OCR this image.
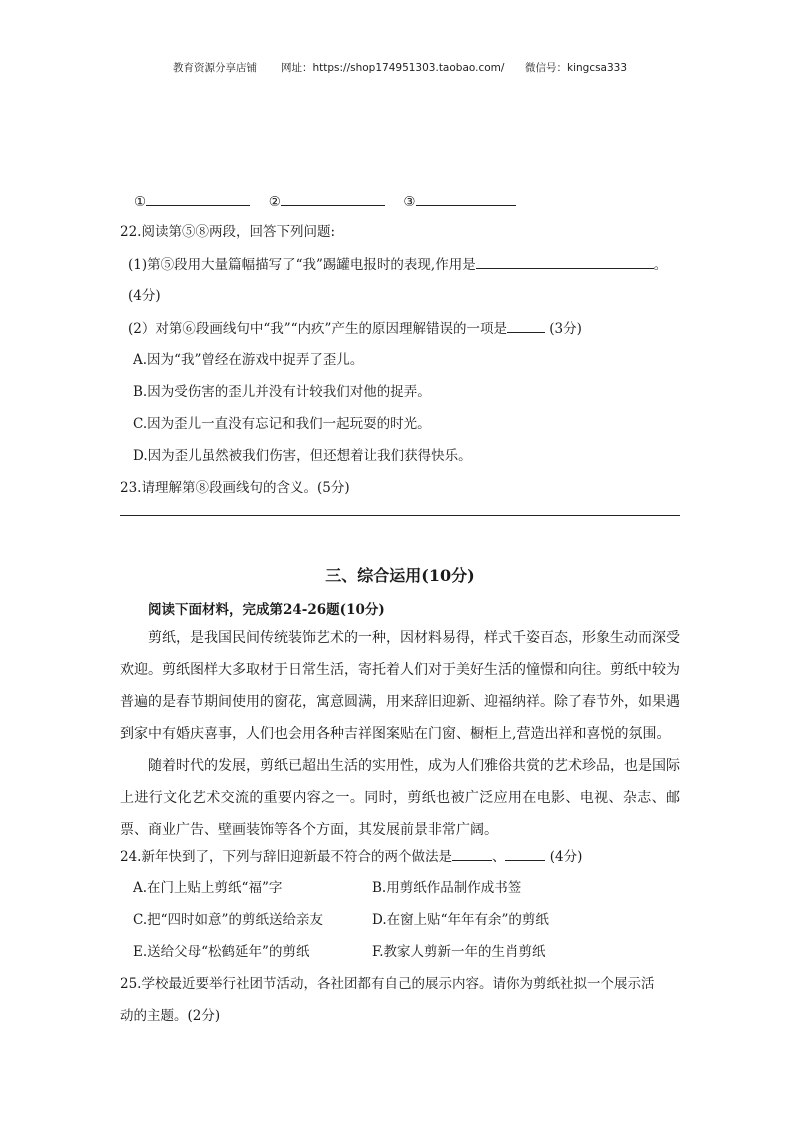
教育资源分享店铺 网址：https://shop174951303.taobao.com/ 微信号：kingcsa333
①	②	③
22.阅读第⑤⑧两段，回答下列问题:
(1)第⑤段用大量篇幅描写了“我”踢罐电报时的表现,作用是	。
(4分)
(2）对第⑥段画线句中“我”“内疚”产生的原因理解错误的一项是	(3分)
A.因为“我”曾经在游戏中捉弄了歪儿。
B.因为受伤害的歪儿并没有计较我们对他的捉弄。
C.因为歪儿一直没有忘记和我们一起玩耍的时光。
D.因为歪儿虽然被我们伤害，但还想着让我们获得快乐。
23.请理解第⑧段画线句的含义。(5分)
三、综合运用(10分)
阅读下面材料，完成第24-26题(10分)
剪纸，是我国民间传统装饰艺术的一种，因材料易得，样式千姿百态，形象生动而深受欢迎。剪纸图样大多取材于日常生活，寄托着人们对于美好生活的憧憬和向往。剪纸中较为普遍的是春节期间使用的窗花，寓意圆满，用来辞旧迎新、迎福纳祥。除了春节外，如果遇到家中有婚庆喜事，人们也会用各种吉祥图案贴在门窗、橱柜上,营造出祥和喜悦的氛围。
随着时代的发展，剪纸已超出生活的实用性，成为人们雅俗共赏的艺术珍品，也是国际上进行文化艺术交流的重要内容之一。同时，剪纸也被广泛应用在电影、电视、杂志、邮票、商业广告、壁画装饰等各个方面，其发展前景非常广阔。
24.新年快到了，下列与辞旧迎新最不符合的两个做法是	、	(4分)
A.在门上贴上剪纸“福”字	B.用剪纸作品制作成书签
C.把“四时如意”的剪纸送给亲友	D.在窗上贴“年年有余”的剪纸
E.送给父母“松鹤延年”的剪纸	F.教家人剪新一年的生肖剪纸
25.学校最近要举行社团节活动，各社团都有自己的展示内容。请你为剪纸社拟一个展示活
动的主题。(2分)
